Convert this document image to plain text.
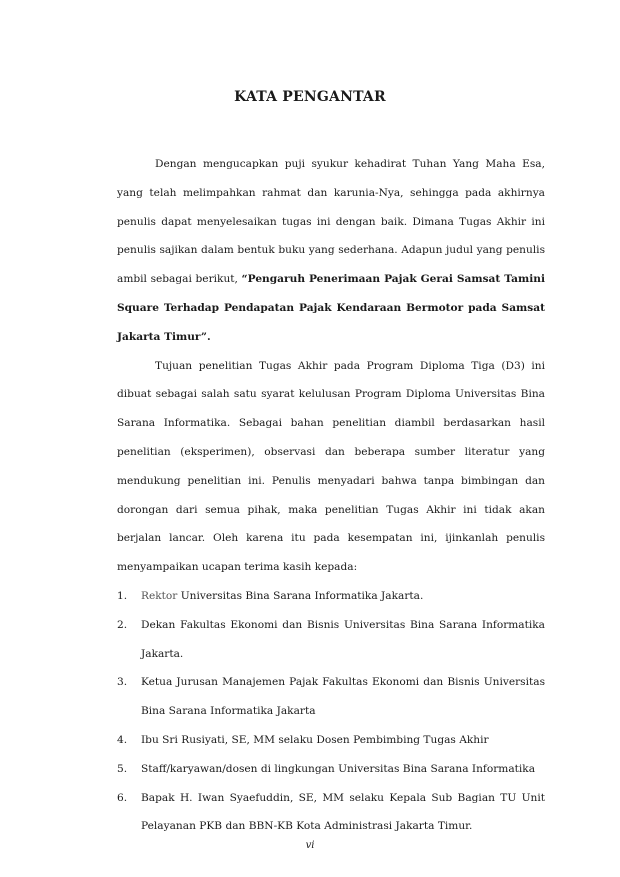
KATA PENGANTAR

Dengan mengucapkan puji syukur kehadirat Tuhan Yang Maha Esa, yang telah melimpahkan rahmat dan karunia-Nya, sehingga pada akhirnya penulis dapat menyelesaikan tugas ini dengan baik. Dimana Tugas Akhir ini penulis sajikan dalam bentuk buku yang sederhana. Adapun judul yang penulis ambil sebagai berikut, “Pengaruh Penerimaan Pajak Gerai Samsat Tamini Square Terhadap Pendapatan Pajak Kendaraan Bermotor pada Samsat Jakarta Timur”.

Tujuan penelitian Tugas Akhir pada Program Diploma Tiga (D3) ini dibuat sebagai salah satu syarat kelulusan Program Diploma Universitas Bina Sarana Informatika. Sebagai bahan penelitian diambil berdasarkan hasil penelitian (eksperimen), observasi dan beberapa sumber literatur yang mendukung penelitian ini. Penulis menyadari bahwa tanpa bimbingan dan dorongan dari semua pihak, maka penelitian Tugas Akhir ini tidak akan berjalan lancar. Oleh karena itu pada kesempatan ini, ijinkanlah penulis menyampaikan ucapan terima kasih kepada:

1. Rektor Universitas Bina Sarana Informatika Jakarta.
2. Dekan Fakultas Ekonomi dan Bisnis Universitas Bina Sarana Informatika Jakarta.
3. Ketua Jurusan Manajemen Pajak Fakultas Ekonomi dan Bisnis Universitas Bina Sarana Informatika Jakarta
4. Ibu Sri Rusiyati, SE, MM selaku Dosen Pembimbing Tugas Akhir
5. Staff/karyawan/dosen di lingkungan Universitas Bina Sarana Informatika
6. Bapak H. Iwan Syaefuddin, SE, MM selaku Kepala Sub Bagian TU Unit Pelayanan PKB dan BBN-KB Kota Administrasi Jakarta Timur.
vi
